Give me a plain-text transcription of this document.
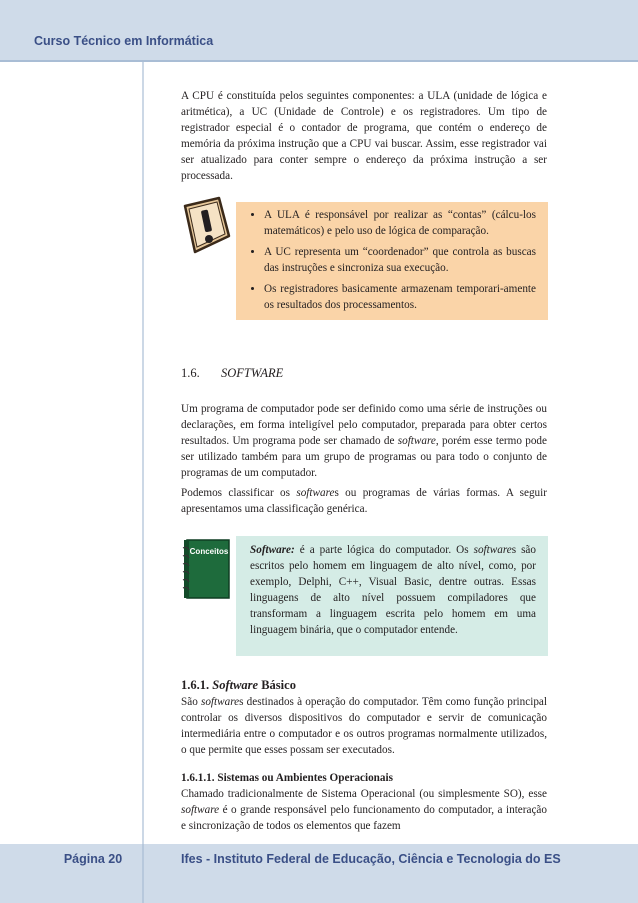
Curso Técnico em Informática

A CPU é constituída pelos seguintes componentes: a ULA (unidade de lógica e aritmética), a UC (Unidade de Controle) e os registradores. Um tipo de registrador especial é o contador de programa, que contém o endereço de memória da próxima instrução que a CPU vai buscar. Assim, esse registrador vai ser atualizado para conter sempre o endereço da próxima instrução a ser processada.

• A ULA é responsável por realizar as “contas” (cálcu-los matemáticos) e pelo uso de lógica de comparação.
• A UC representa um “coordenador” que controla as buscas das instruções e sincroniza sua execução.
• Os registradores basicamente armazenam temporari-amente os resultados dos processamentos.
1.6. SOFTWARE

Um programa de computador pode ser definido como uma série de instruções ou declarações, em forma inteligível pelo computador, preparada para obter certos resultados. Um programa pode ser chamado de software, porém esse termo pode ser utilizado também para um grupo de programas ou para todo o conjunto de programas de um computador.

Podemos classificar os softwares ou programas de várias formas. A seguir apresentamos uma classificação genérica.

Conceitos	Software: é a parte lógica do computador. Os softwares são escritos pelo homem em linguagem de alto nível, como, por exemplo, Delphi, C++, Visual Basic, dentre outras. Essas linguagens de alto nível possuem compiladores que transformam a linguagem escrita pelo homem em uma linguagem binária, que o computador entende.

1.6.1. Software Básico

São softwares destinados à operação do computador. Têm como função principal controlar os diversos dispositivos do computador e servir de comunicação intermediária entre o computador e os outros programas normalmente utilizados, o que permite que esses possam ser executados.

1.6.1.1. Sistemas ou Ambientes Operacionais

Chamado tradicionalmente de Sistema Operacional (ou simplesmente SO), esse software é o grande responsável pelo funcionamento do computador, a interação e sincronização de todos os elementos que fazem

Página 20	Ifes - Instituto Federal de Educação, Ciência e Tecnologia do ES
